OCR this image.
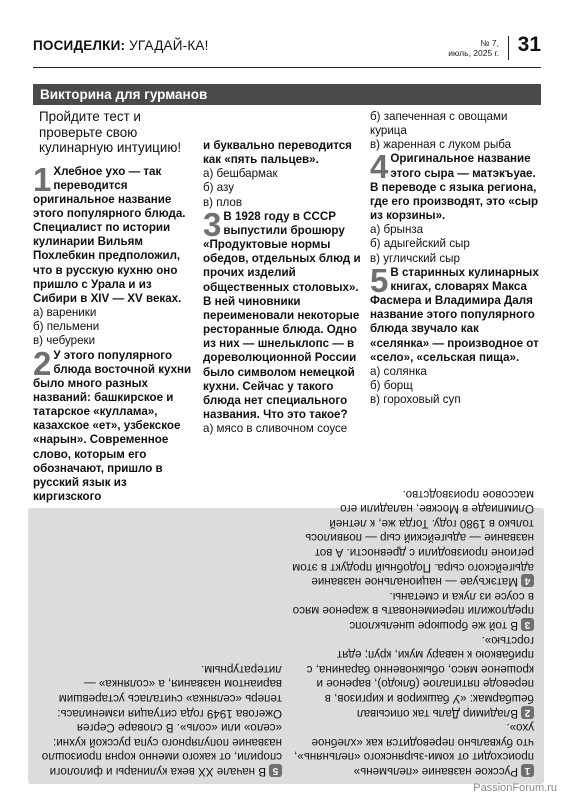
ПОСИДЕЛКИ: УГАДАЙ-КА!	№ 7,
июль, 2025 г. 31
Викторина для гурманов

Пройдите тест и проверьте свою кулинарную интуицию!

1 Хлебное ухо — так переводится оригинальное название этого популярного блюда. Специалист по истории кулинарии Вильям Похлебкин предположил, что в русскую кухню оно пришло с Урала и из Сибири в XIV — XV веках.

а) вареники

б) пельмени

в) чебуреки

2 У этого популярного блюда восточной кухни было много разных названий: башкирское и татарское «куллама», казахское «ет», узбекское «нарын». Современное слово, которым его обозначают, пришло в русский язык из киргизского

и буквально переводится как «пять пальцев».

а) бешбармак

б) азу

в) плов

3 В 1928 году в СССР выпустили брошюру «Продуктовые нормы обедов, отдельных блюд и прочих изделий общественных столовых». В ней чиновники переименовали некоторые ресторанные блюда. Одно из них — шнельклопс — в дореволюционной России было символом немецкой кухни. Сейчас у такого блюда нет специального названия. Что это такое?

а) мясо в сливочном соусе

б) запеченная с овощами курица

в) жаренная с луком рыба

4 Оригинальное название этого сыра — матэкъуае. В переводе с языка региона, где его производят, это «сыр из корзины».

а) брынза

б) адыгейский сыр

в) угличский сыр

5 В старинных кулинарных книгах, словарях Макса Фасмера и Владимира Даля название этого популярного блюда звучало как «селянка» — производное от «село», «сельская пища».

а) солянка

б) борщ

в) гороховый суп

1Русское название «пельмень» происходит от коми-зырянского «пельнянь», что буквально переводится как «хлебное ухо».

2Владимир Даль так описывал бешбармак: «У башкиров и киргизов, в переводе пятипалое (блюдо), вареное и крошеное мясо, обыкновенно баранина, с прибавкою к навару муки, круп; едят горстью».

3В той же брошюре шнельклопс предложили переименовать в жареное мясо в соусе из лука и сметаны.

4Матэкъуае — национальное название адыгейского сыра. Подобный продукт в этом регионе производили с древности. А вот название — адыгейский сыр — появилось только в 1980 году. Тогда же, к летней Олимпиаде в Москве, наладили его массовое производство.

5В начале XX века кулинары и филологи спорили, от какого именно корня произошло название популярного супа русской кухни: «село» или «соль». В словаре Сергея Ожегова 1949 года ситуация изменилась: теперь «селянка» считалась устаревшим вариантом названия, а «солянка» — литературным.

PassionForum.ru
